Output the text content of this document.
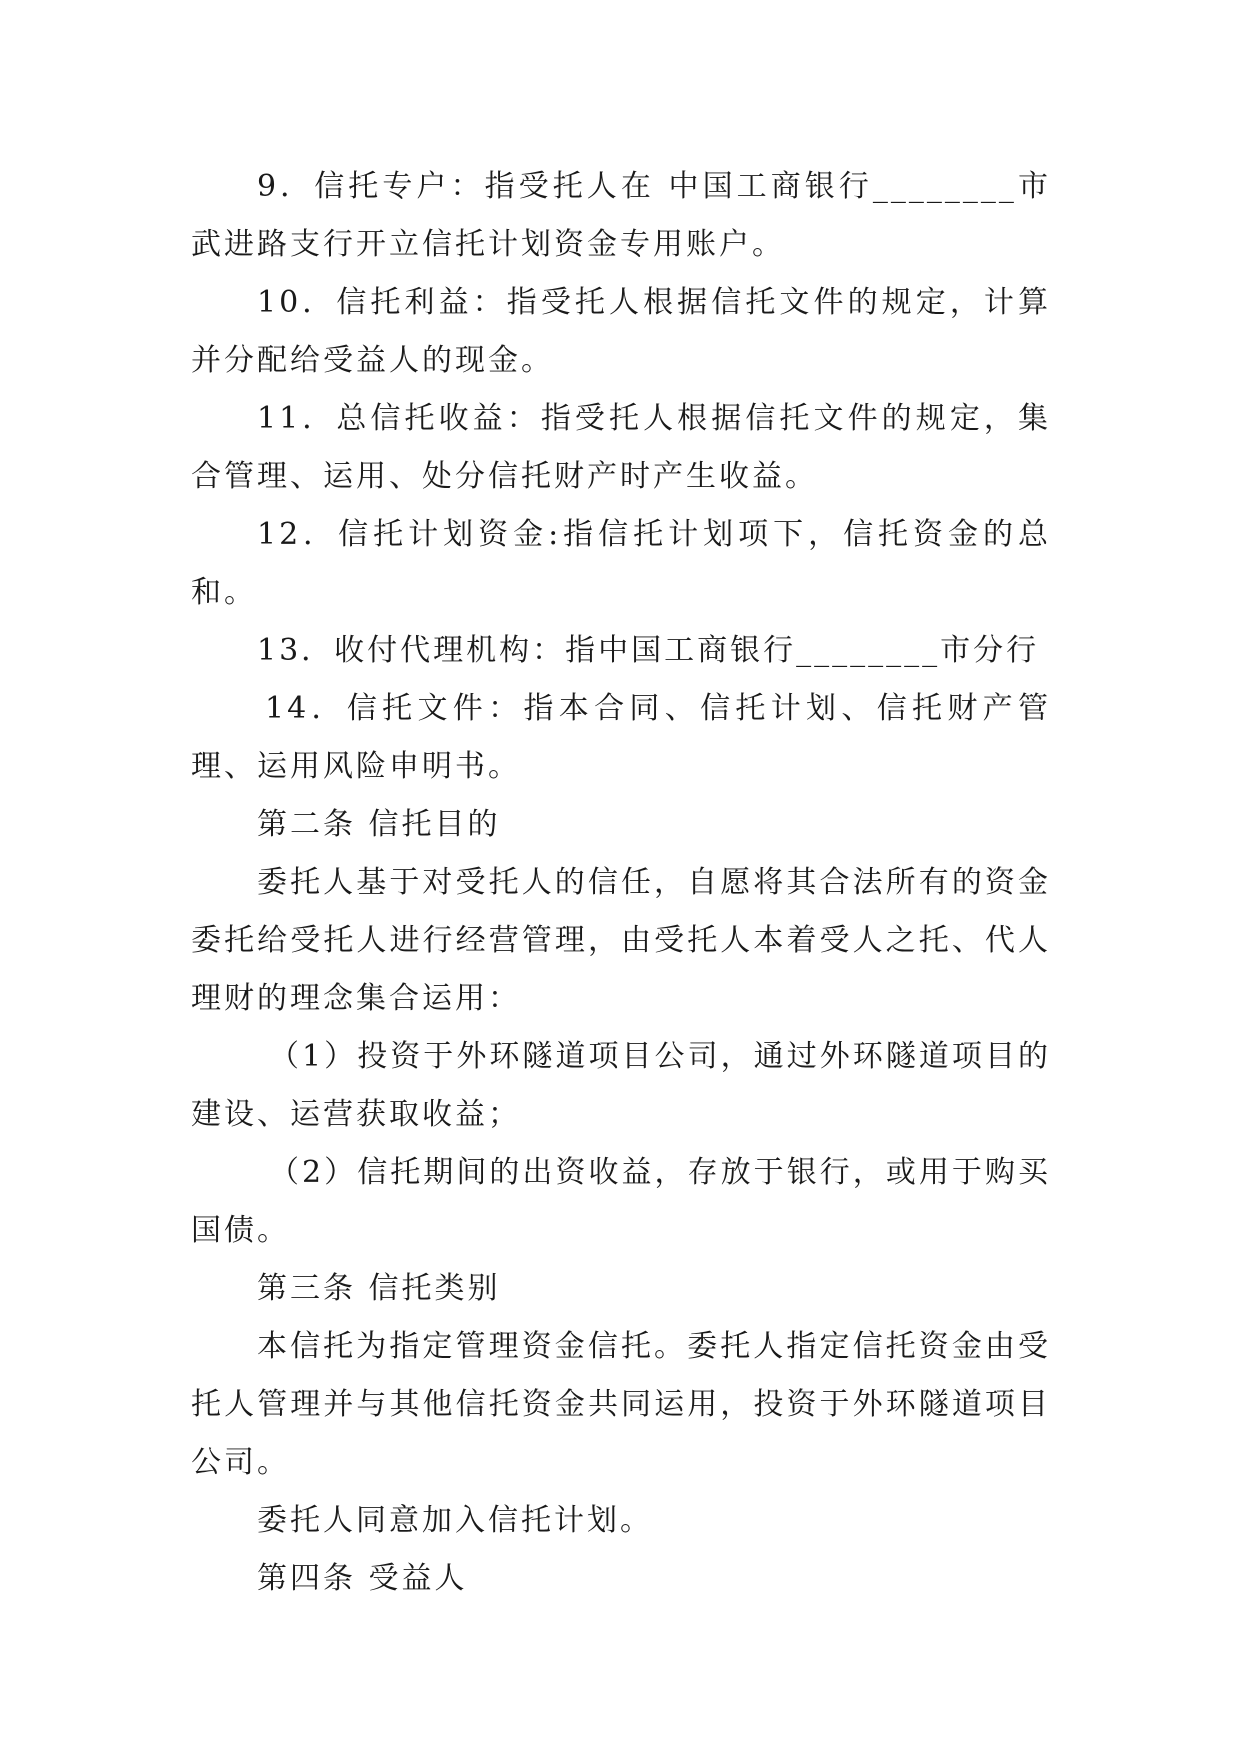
9．信托专户：指受托人在 中国工商银行________市武进路支行开立信托计划资金专用账户。

10．信托利益：指受托人根据信托文件的规定，计算并分配给受益人的现金。

11．总信托收益：指受托人根据信托文件的规定，集合管理、运用、处分信托财产时产生收益。

12．信托计划资金:指信托计划项下，信托资金的总和。

13．收付代理机构：指中国工商银行________市分行

14．信托文件：指本合同、信托计划、信托财产管理、运用风险申明书。

第二条 信托目的

委托人基于对受托人的信任，自愿将其合法所有的资金委托给受托人进行经营管理，由受托人本着受人之托、代人理财的理念集合运用：

（1）投资于外环隧道项目公司，通过外环隧道项目的建设、运营获取收益；

（2）信托期间的出资收益，存放于银行，或用于购买国债。

第三条 信托类别

本信托为指定管理资金信托。委托人指定信托资金由受托人管理并与其他信托资金共同运用，投资于外环隧道项目公司。

委托人同意加入信托计划。

第四条 受益人
